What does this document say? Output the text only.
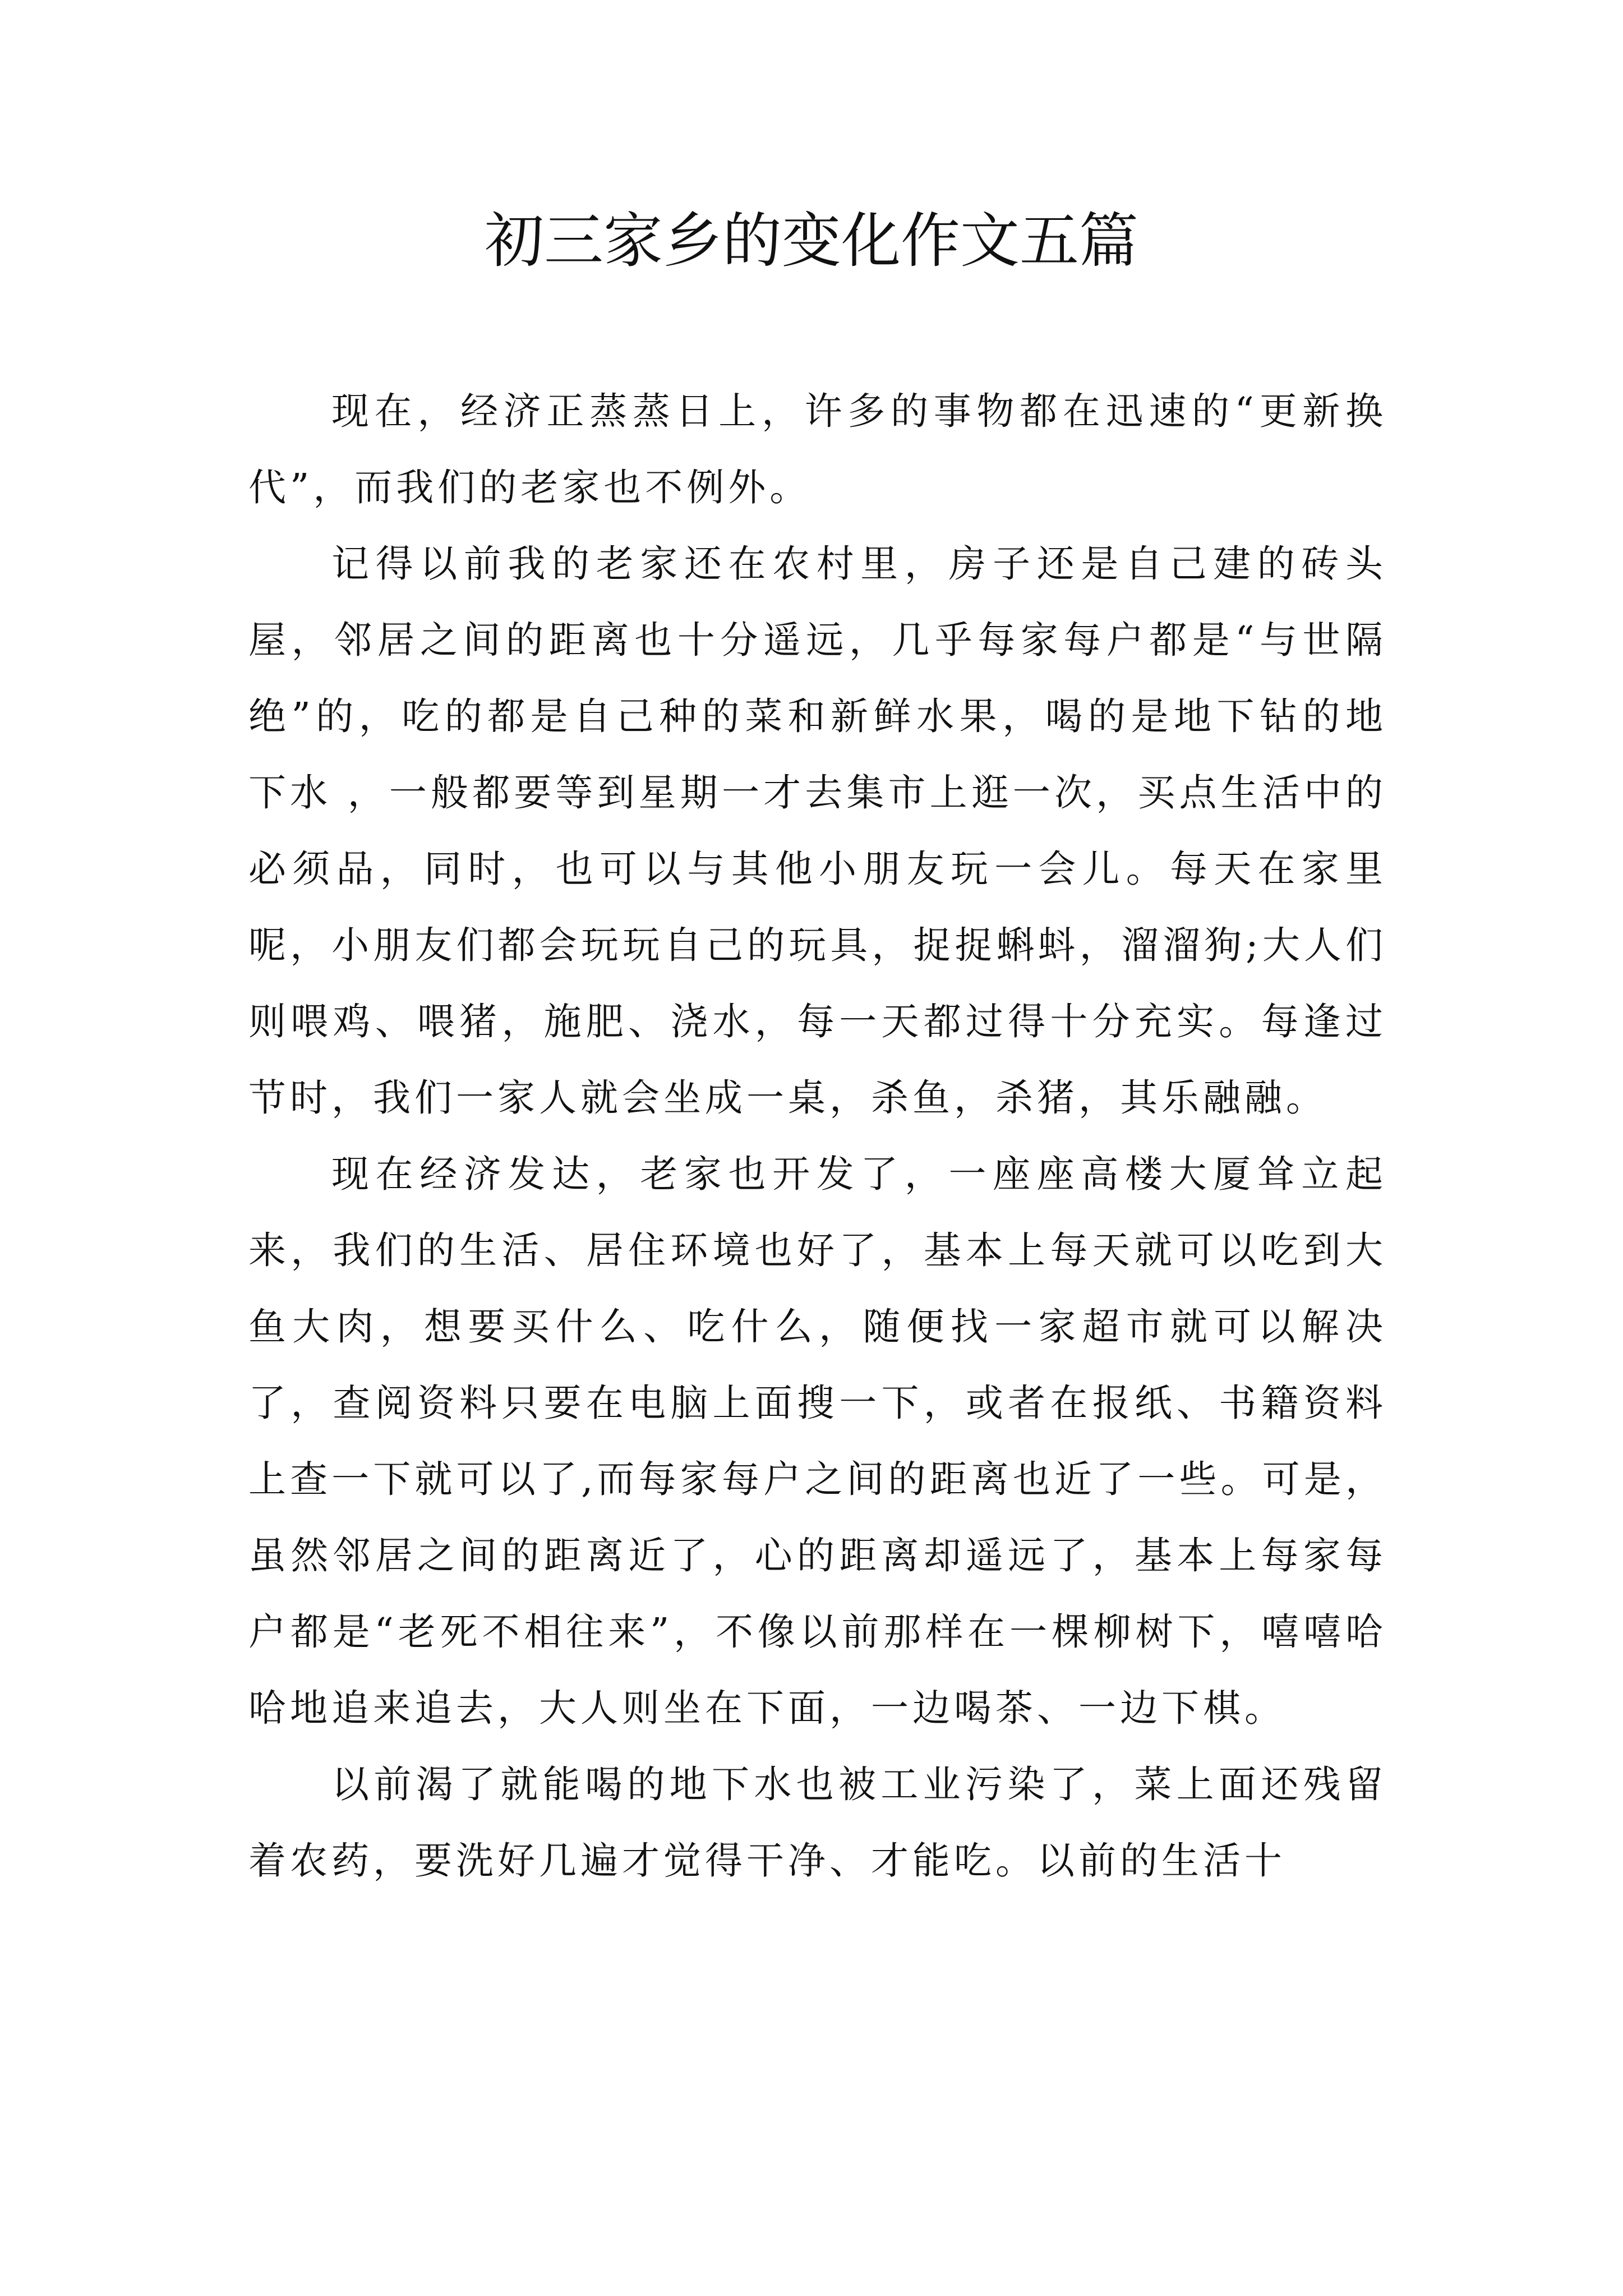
初三家乡的变化作文五篇

现在，经济正蒸蒸日上，许多的事物都在迅速的“更新换代”，而我们的老家也不例外。

记得以前我的老家还在农村里，房子还是自己建的砖头屋，邻居之间的距离也十分遥远，几乎每家每户都是“与世隔绝”的，吃的都是自己种的菜和新鲜水果，喝的是地下钻的地下水 ，一般都要等到星期一才去集市上逛一次，买点生活中的必须品，同时，也可以与其他小朋友玩一会儿。每天在家里呢，小朋友们都会玩玩自己的玩具，捉捉蝌蚪，溜溜狗;大人们则喂鸡、喂猪，施肥、浇水，每一天都过得十分充实。每逢过节时，我们一家人就会坐成一桌，杀鱼，杀猪，其乐融融。

现在经济发达，老家也开发了，一座座高楼大厦耸立起来，我们的生活、居住环境也好了，基本上每天就可以吃到大鱼大肉，想要买什么、吃什么，随便找一家超市就可以解决了，查阅资料只要在电脑上面搜一下，或者在报纸、书籍资料上查一下就可以了,而每家每户之间的距离也近了一些。可是，虽然邻居之间的距离近了，心的距离却遥远了，基本上每家每户都是“老死不相往来”，不像以前那样在一棵柳树下，嘻嘻哈哈地追来追去，大人则坐在下面，一边喝茶、一边下棋。

以前渴了就能喝的地下水也被工业污染了，菜上面还残留着农药，要洗好几遍才觉得干净、才能吃。以前的生活十
